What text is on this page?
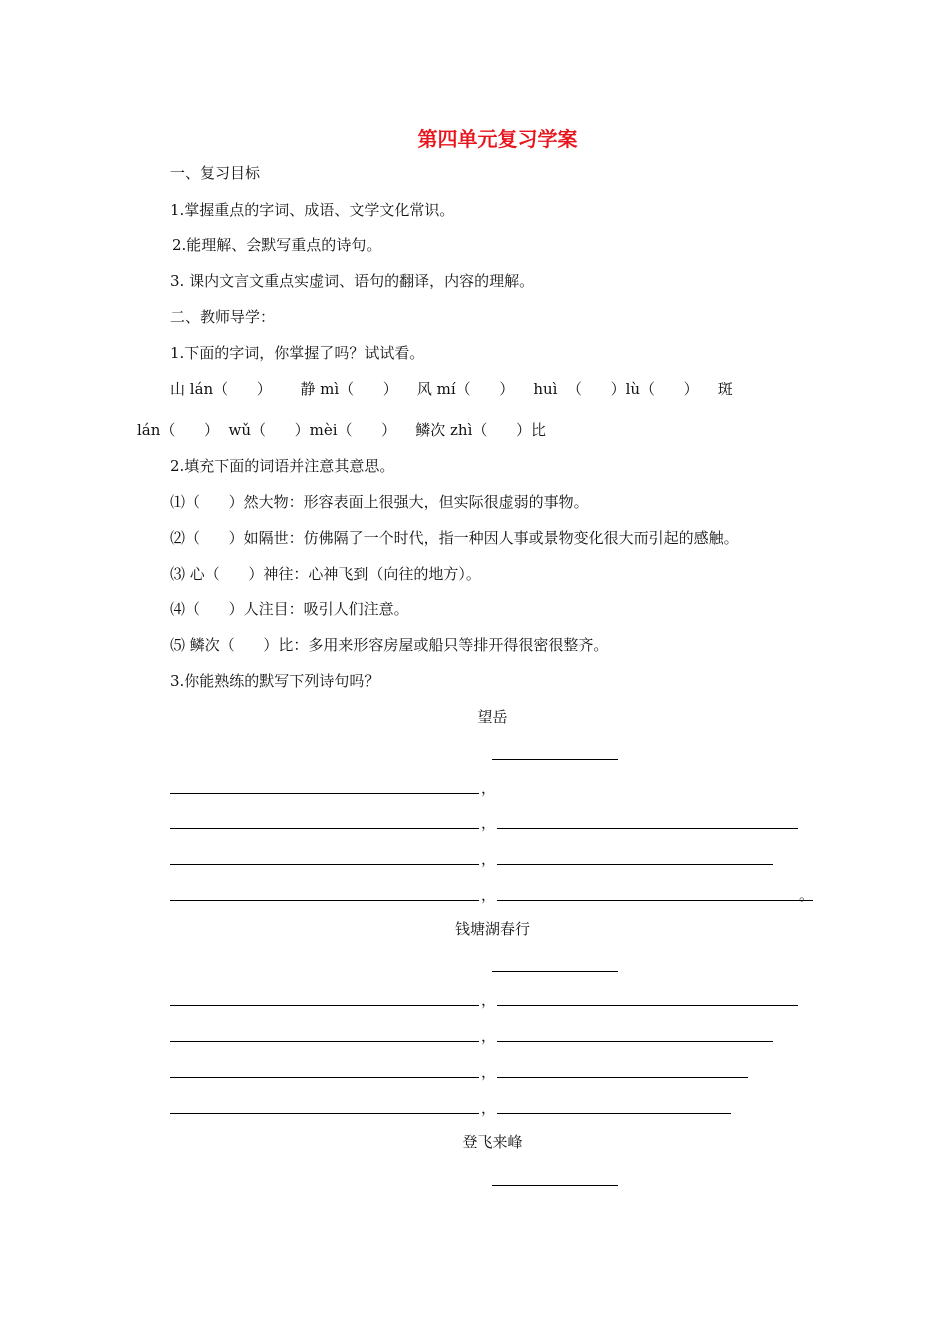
第四单元复习学案
一、复习目标
1.掌握重点的字词、成语、文学文化常识。
2.能理解、会默写重点的诗句。
3. 课内文言文重点实虚词、语句的翻译，内容的理解。
二、教师导学：
1.下面的字词，你掌握了吗？试试看。
山 lán（      ）      静 mì（      ）    风 mí（      ）    huì  （      ）lù（      ）    斑
lán（      ）  wǔ（      ）mèi（      ）    鳞次 zhì（      ）比
2.填充下面的词语并注意其意思。
⑴（      ）然大物：形容表面上很强大，但实际很虚弱的事物。
⑵（      ）如隔世：仿佛隔了一个时代，指一种因人事或景物变化很大而引起的感触。
⑶ 心（      ）神往：心神飞到（向往的地方）。
⑷（      ）人注目：吸引人们注意。
⑸ 鳞次（      ）比：多用来形容房屋或船只等排开得很密很整齐。
3.你能熟练的默写下列诗句吗？
望岳
，
，
，
，	。
钱塘湖春行
，
，
，
，
登飞来峰
